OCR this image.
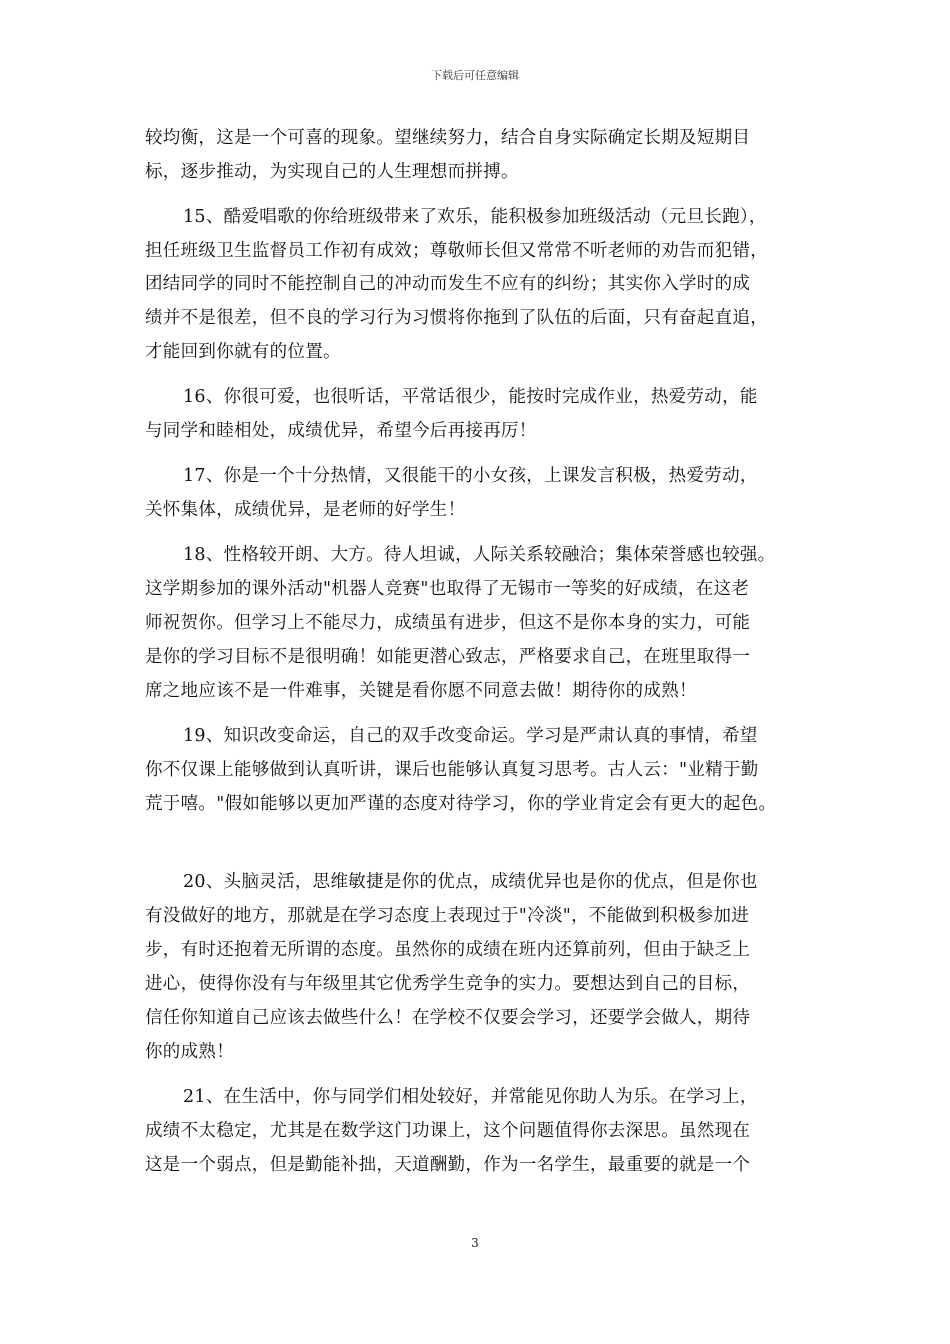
下载后可任意编辑
较均衡，这是一个可喜的现象。望继续努力，结合自身实际确定长期及短期目
标，逐步推动，为实现自己的人生理想而拼搏。
15、酷爱唱歌的你给班级带来了欢乐，能积极参加班级活动（元旦长跑），
担任班级卫生监督员工作初有成效；尊敬师长但又常常不听老师的劝告而犯错，
团结同学的同时不能控制自己的冲动而发生不应有的纠纷；其实你入学时的成
绩并不是很差，但不良的学习行为习惯将你拖到了队伍的后面，只有奋起直追，
才能回到你就有的位置。
16、你很可爱，也很听话，平常话很少，能按时完成作业，热爱劳动，能
与同学和睦相处，成绩优异，希望今后再接再厉！
17、你是一个十分热情，又很能干的小女孩，上课发言积极，热爱劳动，
关怀集体，成绩优异，是老师的好学生！
18、性格较开朗、大方。待人坦诚，人际关系较融洽；集体荣誉感也较强。
这学期参加的课外活动"机器人竞赛"也取得了无锡市一等奖的好成绩，在这老
师祝贺你。但学习上不能尽力，成绩虽有进步，但这不是你本身的实力，可能
是你的学习目标不是很明确！如能更潜心致志，严格要求自己，在班里取得一
席之地应该不是一件难事，关键是看你愿不同意去做！期待你的成熟！
19、知识改变命运，自己的双手改变命运。学习是严肃认真的事情，希望
你不仅课上能够做到认真听讲，课后也能够认真复习思考。古人云："业精于勤
荒于嘻。"假如能够以更加严谨的态度对待学习，你的学业肯定会有更大的起色。
20、头脑灵活，思维敏捷是你的优点，成绩优异也是你的优点，但是你也
有没做好的地方，那就是在学习态度上表现过于"冷淡"，不能做到积极参加进
步，有时还抱着无所谓的态度。虽然你的成绩在班内还算前列，但由于缺乏上
进心，使得你没有与年级里其它优秀学生竞争的实力。要想达到自己的目标，
信任你知道自己应该去做些什么！在学校不仅要会学习，还要学会做人，期待
你的成熟！
21、在生活中，你与同学们相处较好，并常能见你助人为乐。在学习上，
成绩不太稳定，尤其是在数学这门功课上，这个问题值得你去深思。虽然现在
这是一个弱点，但是勤能补拙，天道酬勤，作为一名学生，最重要的就是一个
3
